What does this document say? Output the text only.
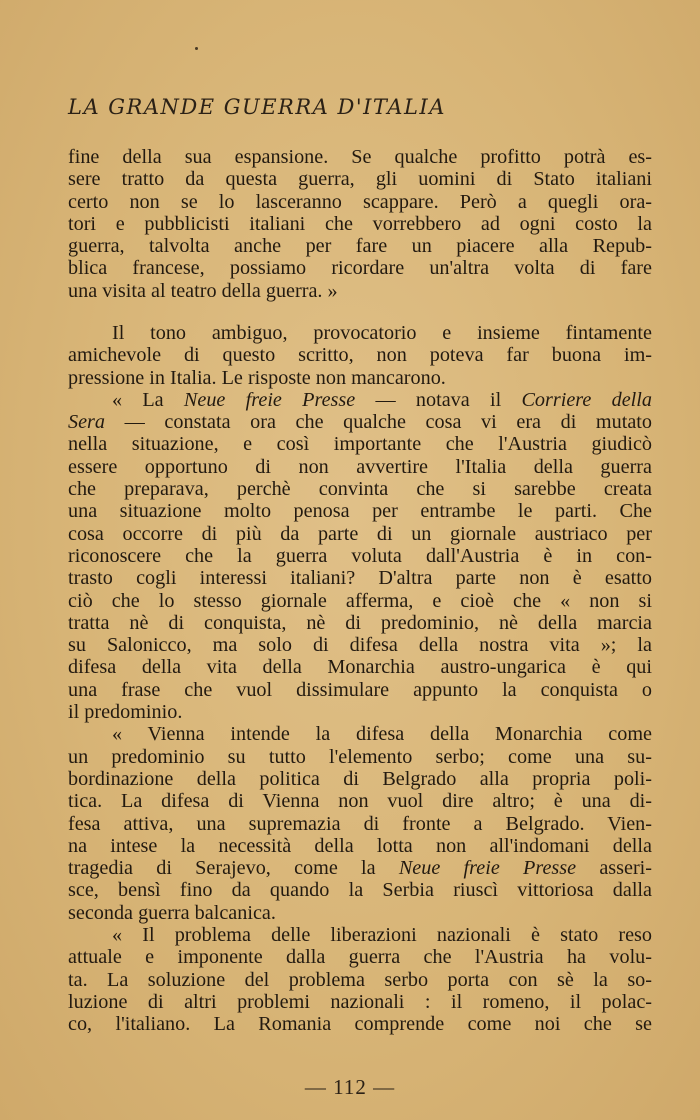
LA GRANDE GUERRA D'ITALIA
fine della sua espansione. Se qualche profitto potrà es-
sere tratto da questa guerra, gli uomini di Stato italiani
certo non se lo lasceranno scappare. Però a quegli ora-
tori e pubblicisti italiani che vorrebbero ad ogni costo la
guerra, talvolta anche per fare un piacere alla Repub-
blica francese, possiamo ricordare un'altra volta di fare
una visita al teatro della guerra. »
Il tono ambiguo, provocatorio e insieme fintamente
amichevole di questo scritto, non poteva far buona im-
pressione in Italia. Le risposte non mancarono.
« La Neue freie Presse — notava il Corriere della
Sera — constata ora che qualche cosa vi era di mutato
nella situazione, e così importante che l'Austria giudicò
essere opportuno di non avvertire l'Italia della guerra
che preparava, perchè convinta che si sarebbe creata
una situazione molto penosa per entrambe le parti. Che
cosa occorre di più da parte di un giornale austriaco per
riconoscere che la guerra voluta dall'Austria è in con-
trasto cogli interessi italiani? D'altra parte non è esatto
ciò che lo stesso giornale afferma, e cioè che « non si
tratta nè di conquista, nè di predominio, nè della marcia
su Salonicco, ma solo di difesa della nostra vita »; la
difesa della vita della Monarchia austro-ungarica è qui
una frase che vuol dissimulare appunto la conquista o
il predominio.
« Vienna intende la difesa della Monarchia come
un predominio su tutto l'elemento serbo; come una su-
bordinazione della politica di Belgrado alla propria poli-
tica. La difesa di Vienna non vuol dire altro; è una di-
fesa attiva, una supremazia di fronte a Belgrado. Vien-
na intese la necessità della lotta non all'indomani della
tragedia di Serajevo, come la Neue freie Presse asseri-
sce, bensì fino da quando la Serbia riuscì vittoriosa dalla
seconda guerra balcanica.
« Il problema delle liberazioni nazionali è stato reso
attuale e imponente dalla guerra che l'Austria ha volu-
ta. La soluzione del problema serbo porta con sè la so-
luzione di altri problemi nazionali : il romeno, il polac-
co, l'italiano. La Romania comprende come noi che se
— 112 —
